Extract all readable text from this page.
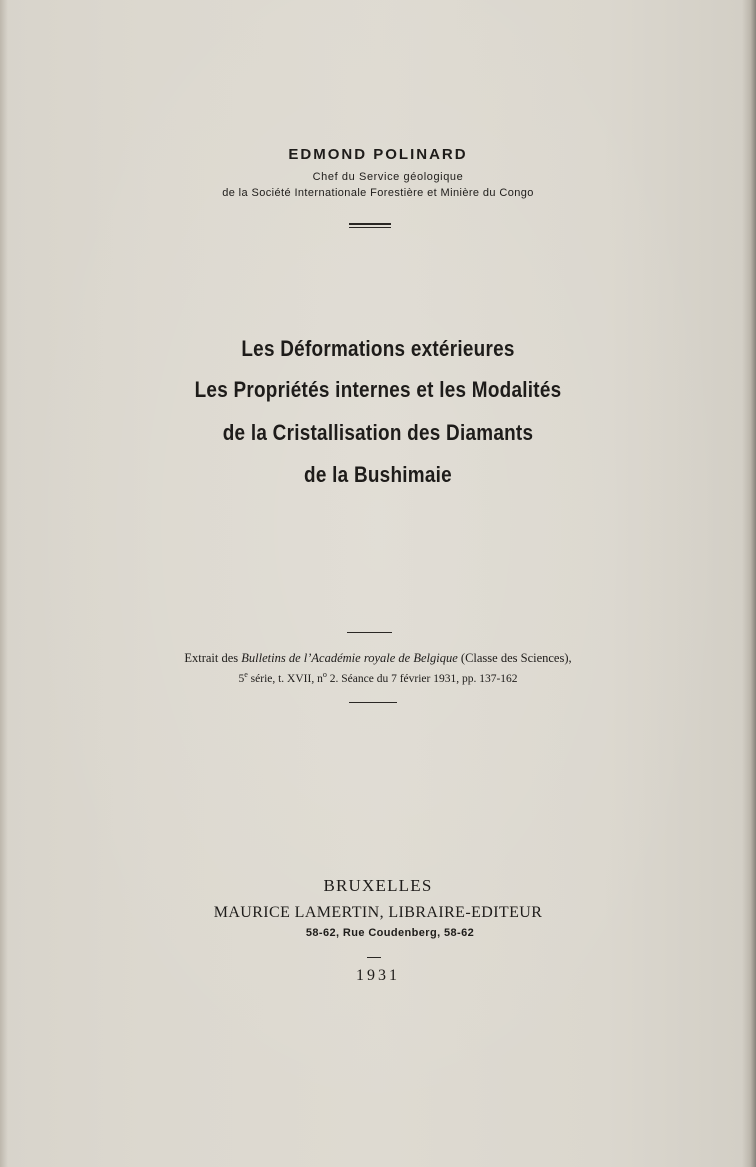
EDMOND POLINARD
Chef du Service géologique
de la Société Internationale Forestière et Minière du Congo
Les Déformations extérieures
Les Propriétés internes et les Modalités
de la Cristallisation des Diamants
de la Bushimaie
Extrait des Bulletins de l’Académie royale de Belgique (Classe des Sciences),
5e série, t. XVII, $n^o$ 2. Séance du 7 février 1931, pp. 137-162
BRUXELLES
MAURICE LAMERTIN, LIBRAIRE-EDITEUR
58-62, Rue Coudenberg, 58-62
1931
